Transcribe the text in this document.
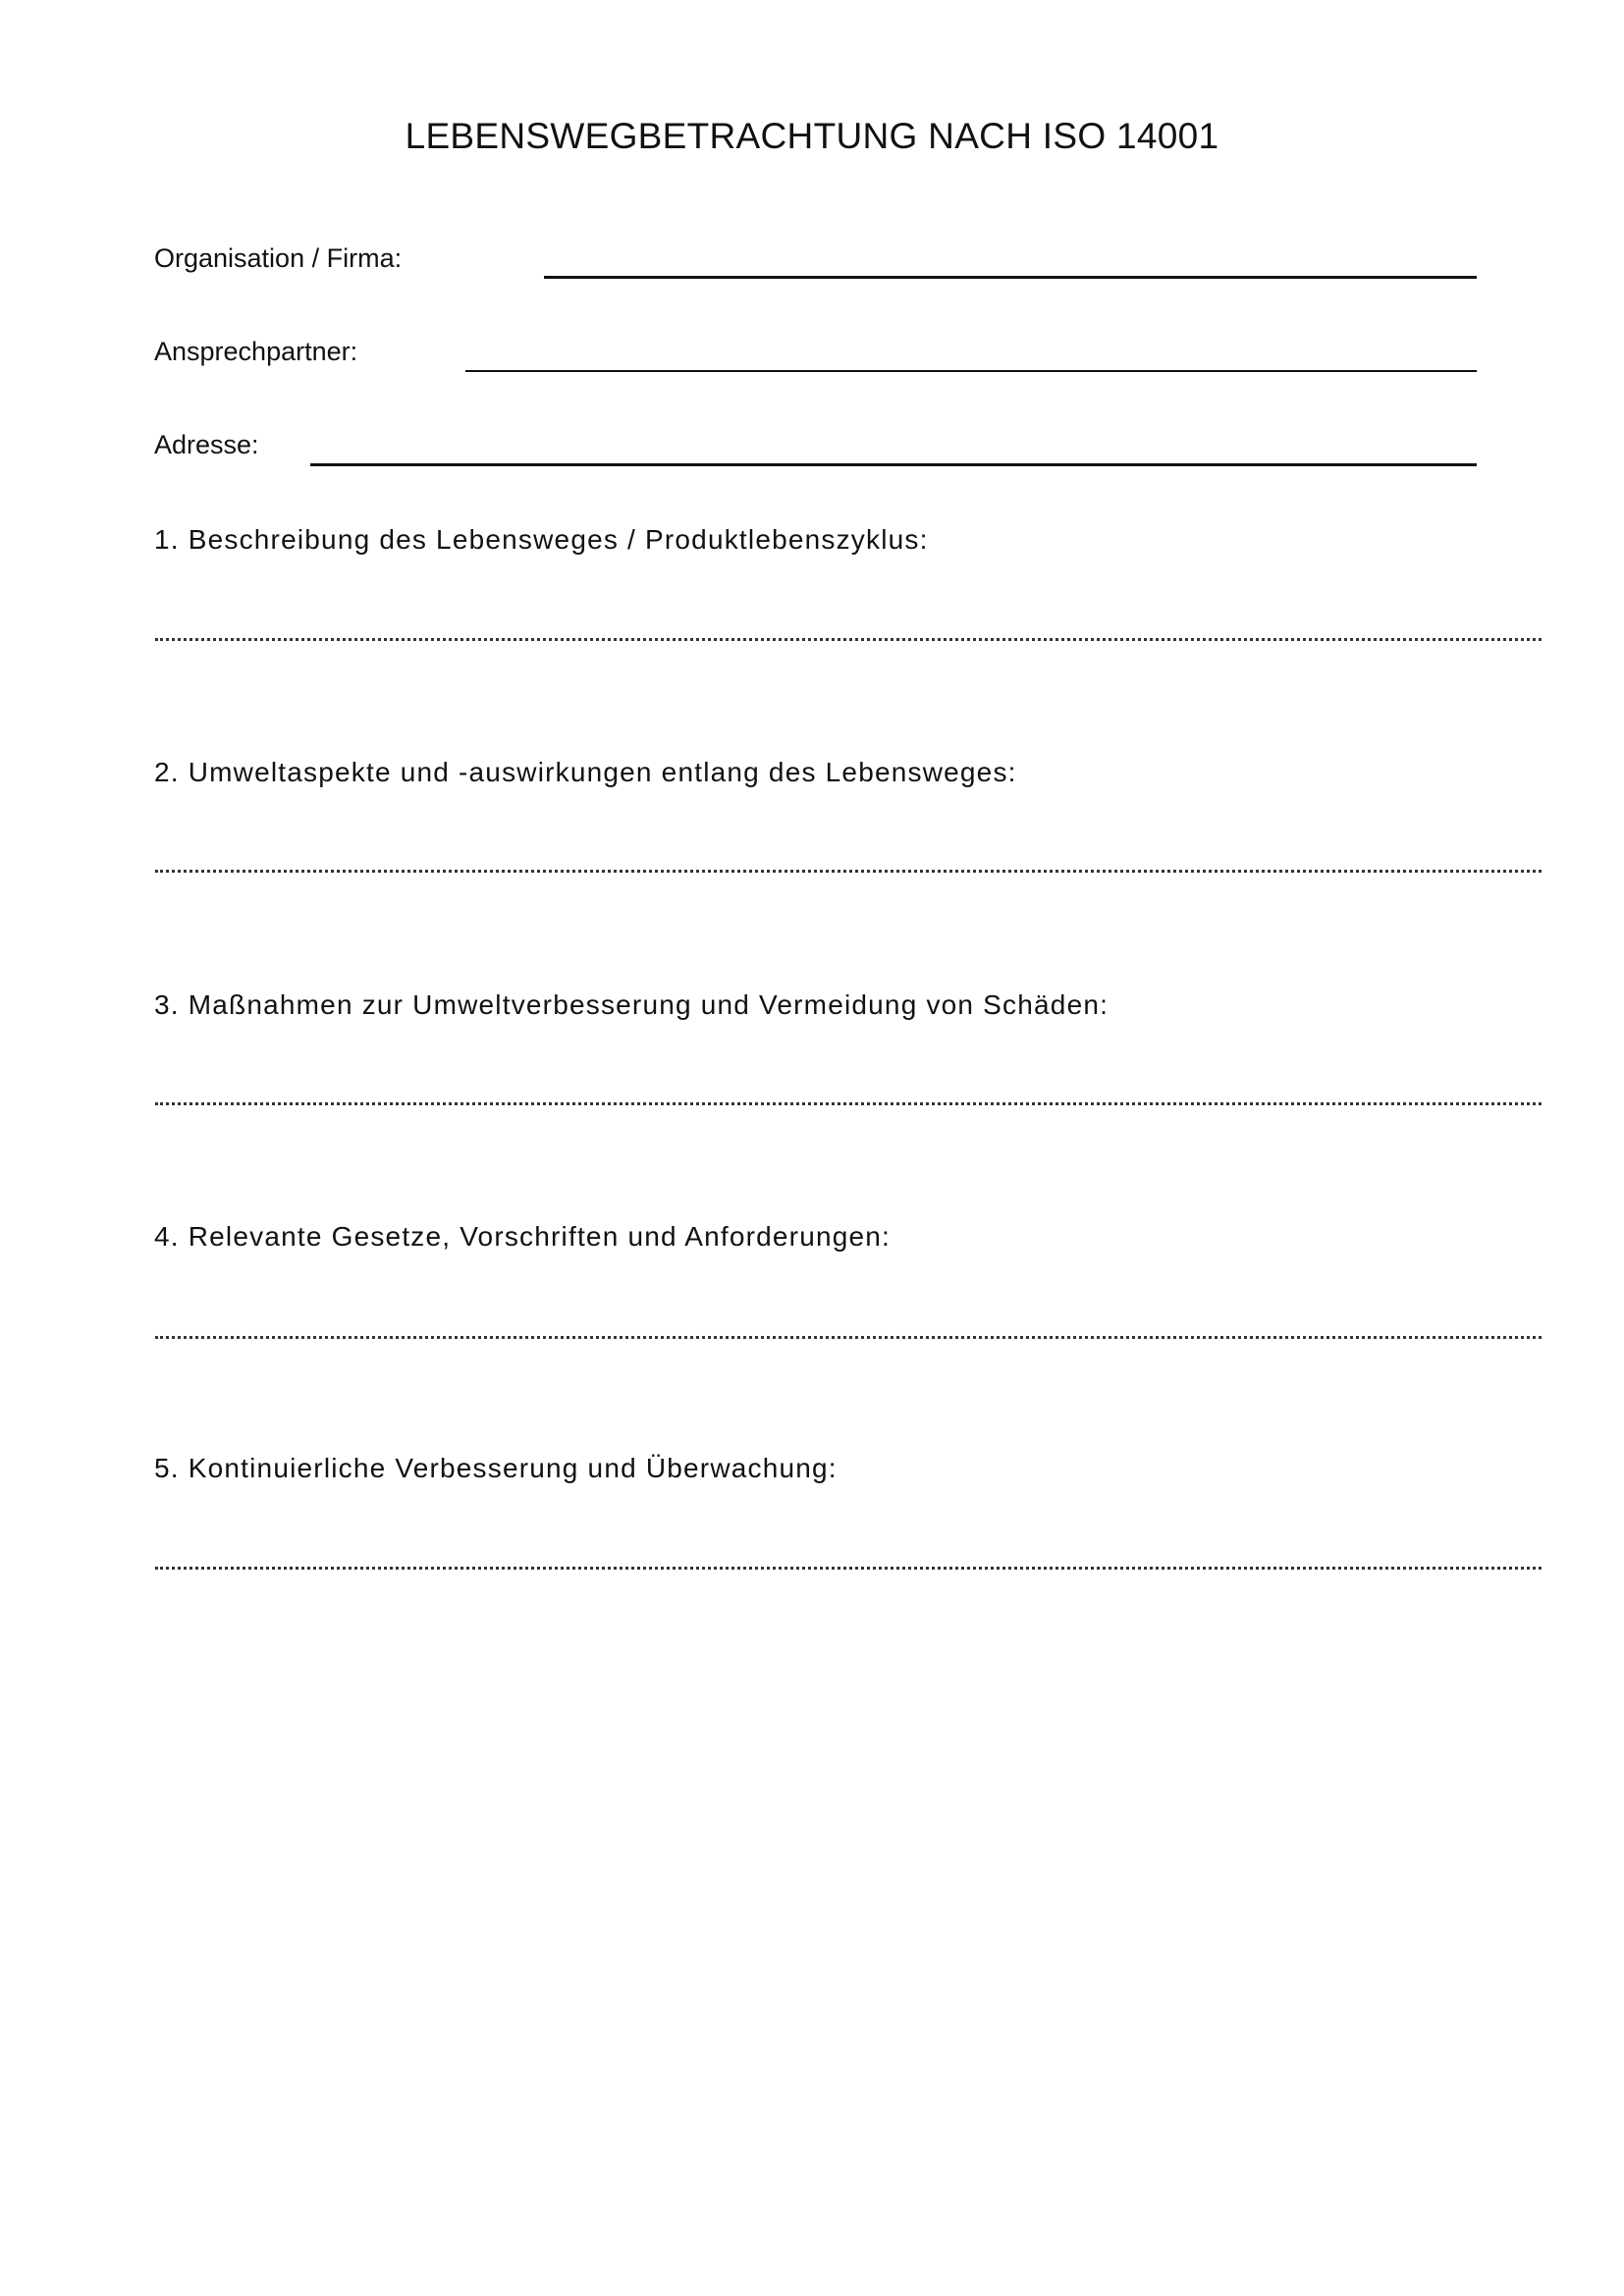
LEBENSWEGBETRACHTUNG NACH ISO 14001
Organisation / Firma:
Ansprechpartner:
Adresse:
1. Beschreibung des Lebensweges / Produktlebenszyklus:
2. Umweltaspekte und -auswirkungen entlang des Lebensweges:
3. Maßnahmen zur Umweltverbesserung und Vermeidung von Schäden:
4. Relevante Gesetze, Vorschriften und Anforderungen:
5. Kontinuierliche Verbesserung und Überwachung:
